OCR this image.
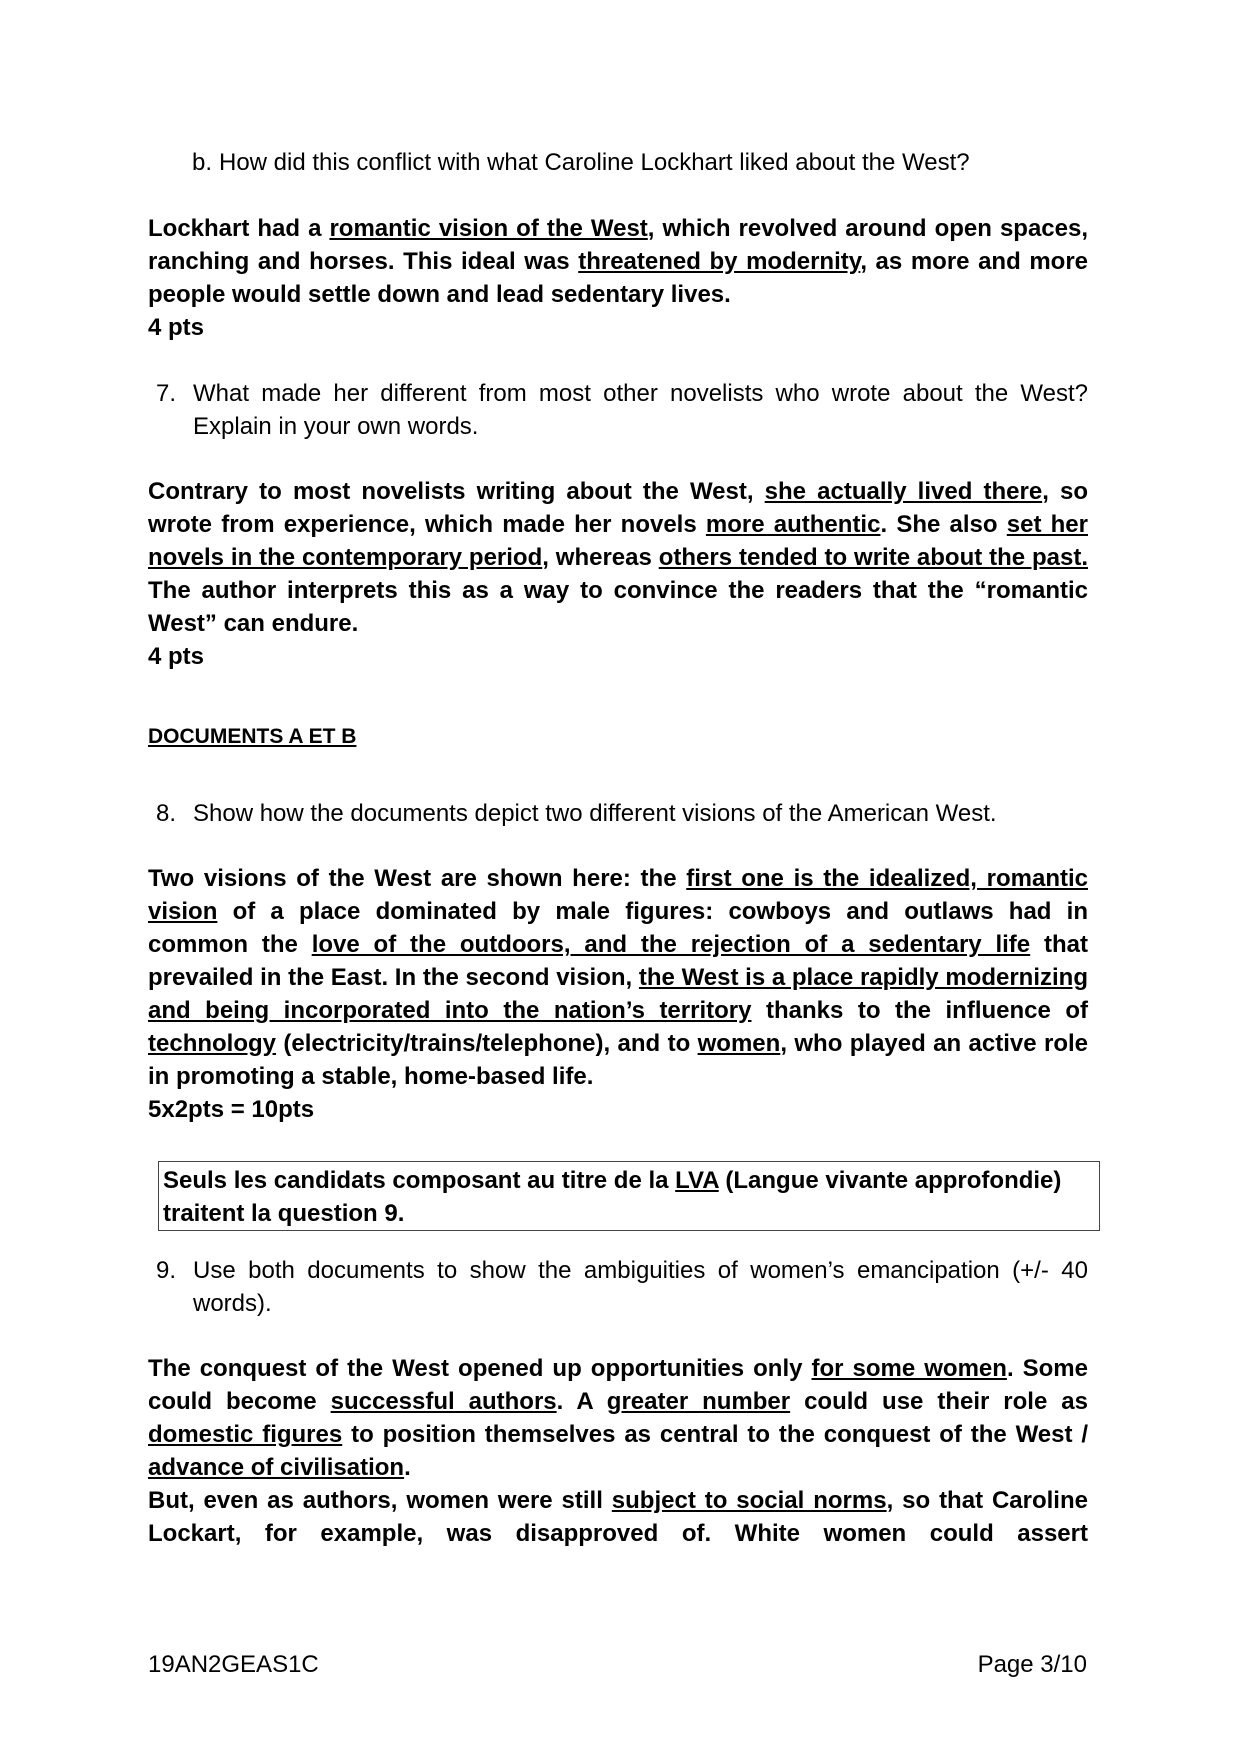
b. How did this conflict with what Caroline Lockhart liked about the West?
Lockhart had a romantic vision of the West, which revolved around open spaces, ranching and horses. This ideal was threatened by modernity, as more and more people would settle down and lead sedentary lives.
4 pts
7. What made her different from most other novelists who wrote about the West? Explain in your own words.
Contrary to most novelists writing about the West, she actually lived there, so wrote from experience, which made her novels more authentic. She also set her novels in the contemporary period, whereas others tended to write about the past. The author interprets this as a way to convince the readers that the “romantic West” can endure.
4 pts
DOCUMENTS A ET B
8. Show how the documents depict two different visions of the American West.
Two visions of the West are shown here: the first one is the idealized, romantic vision of a place dominated by male figures: cowboys and outlaws had in common the love of the outdoors, and the rejection of a sedentary life that prevailed in the East. In the second vision, the West is a place rapidly modernizing and being incorporated into the nation’s territory thanks to the influence of technology (electricity/trains/telephone), and to women, who played an active role in promoting a stable, home-based life.
5x2pts = 10pts
Seuls les candidats composant au titre de la LVA (Langue vivante approfondie) traitent la question 9.
9. Use both documents to show the ambiguities of women’s emancipation (+/- 40 words).
The conquest of the West opened up opportunities only for some women. Some could become successful authors. A greater number could use their role as domestic figures to position themselves as central to the conquest of the West / advance of civilisation.
But, even as authors, women were still subject to social norms, so that Caroline Lockart, for example, was disapproved of. White women could assert
19AN2GEAS1C	Page 3/10
